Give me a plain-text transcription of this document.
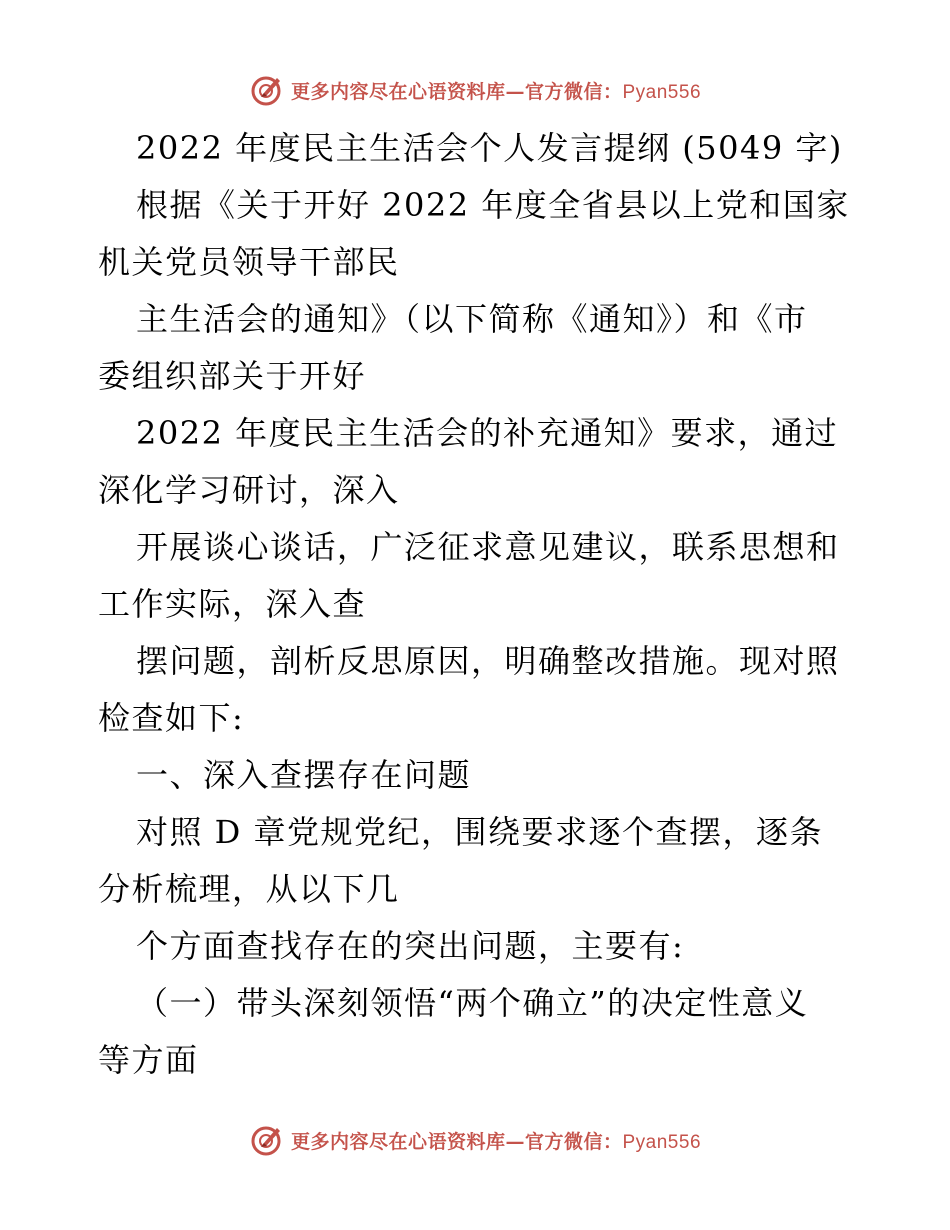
更多内容尽在心语资料库—官方微信：Pyan556
2022 年度民主生活会个人发言提纲 (5049 字)
根据《关于开好 2022 年度全省县以上党和国家
机关党员领导干部民
主生活会的通知》（以下简称《通知》）和《市
委组织部关于开好
2022 年度民主生活会的补充通知》要求，通过
深化学习研讨，深入
开展谈心谈话，广泛征求意见建议，联系思想和
工作实际，深入查
摆问题，剖析反思原因，明确整改措施。现对照
检查如下:
一、深入查摆存在问题
对照 D 章党规党纪，围绕要求逐个查摆，逐条
分析梳理，从以下几
个方面查找存在的突出问题，主要有:
（一）带头深刻领悟“两个确立”的决定性意义
等方面
更多内容尽在心语资料库—官方微信：Pyan556
